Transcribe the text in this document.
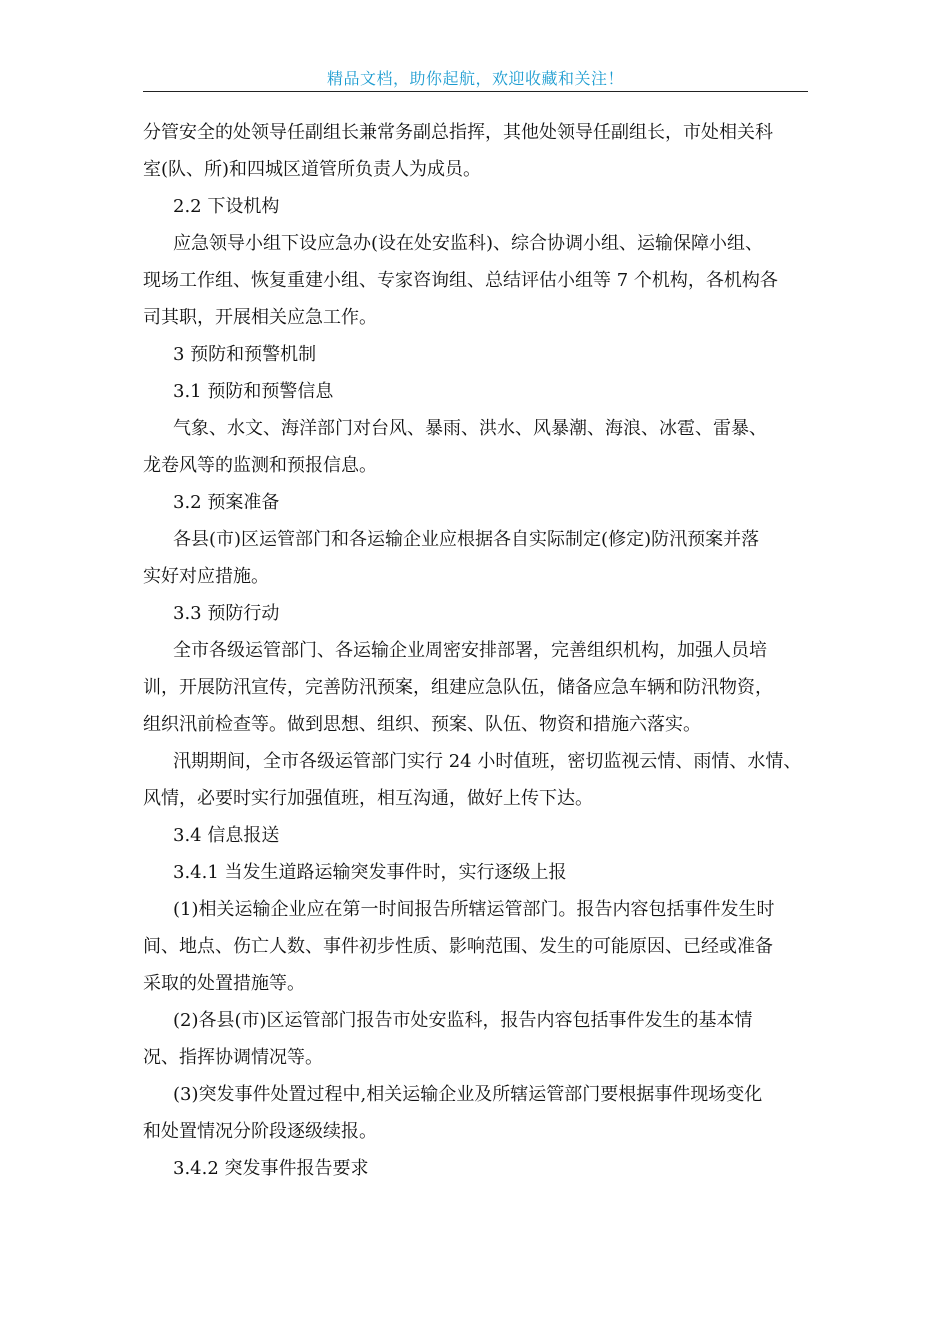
精品文档，助你起航，欢迎收藏和关注！

分管安全的处领导任副组长兼常务副总指挥，其他处领导任副组长，市处相关科

室(队、所)和四城区道管所负责人为成员。

2.2 下设机构

应急领导小组下设应急办(设在处安监科)、综合协调小组、运输保障小组、

现场工作组、恢复重建小组、专家咨询组、总结评估小组等 7 个机构，各机构各

司其职，开展相关应急工作。

3 预防和预警机制

3.1 预防和预警信息

气象、水文、海洋部门对台风、暴雨、洪水、风暴潮、海浪、冰雹、雷暴、

龙卷风等的监测和预报信息。

3.2 预案准备

各县(市)区运管部门和各运输企业应根据各自实际制定(修定)防汛预案并落

实好对应措施。

3.3 预防行动

全市各级运管部门、各运输企业周密安排部署，完善组织机构，加强人员培

训，开展防汛宣传，完善防汛预案，组建应急队伍，储备应急车辆和防汛物资，

组织汛前检查等。做到思想、组织、预案、队伍、物资和措施六落实。

汛期期间，全市各级运管部门实行 24 小时值班，密切监视云情、雨情、水情、

风情，必要时实行加强值班，相互沟通，做好上传下达。

3.4 信息报送

3.4.1 当发生道路运输突发事件时，实行逐级上报

(1)相关运输企业应在第一时间报告所辖运管部门。报告内容包括事件发生时

间、地点、伤亡人数、事件初步性质、影响范围、发生的可能原因、已经或准备

采取的处置措施等。

(2)各县(市)区运管部门报告市处安监科，报告内容包括事件发生的基本情

况、指挥协调情况等。

(3)突发事件处置过程中,相关运输企业及所辖运管部门要根据事件现场变化

和处置情况分阶段逐级续报。

3.4.2 突发事件报告要求
